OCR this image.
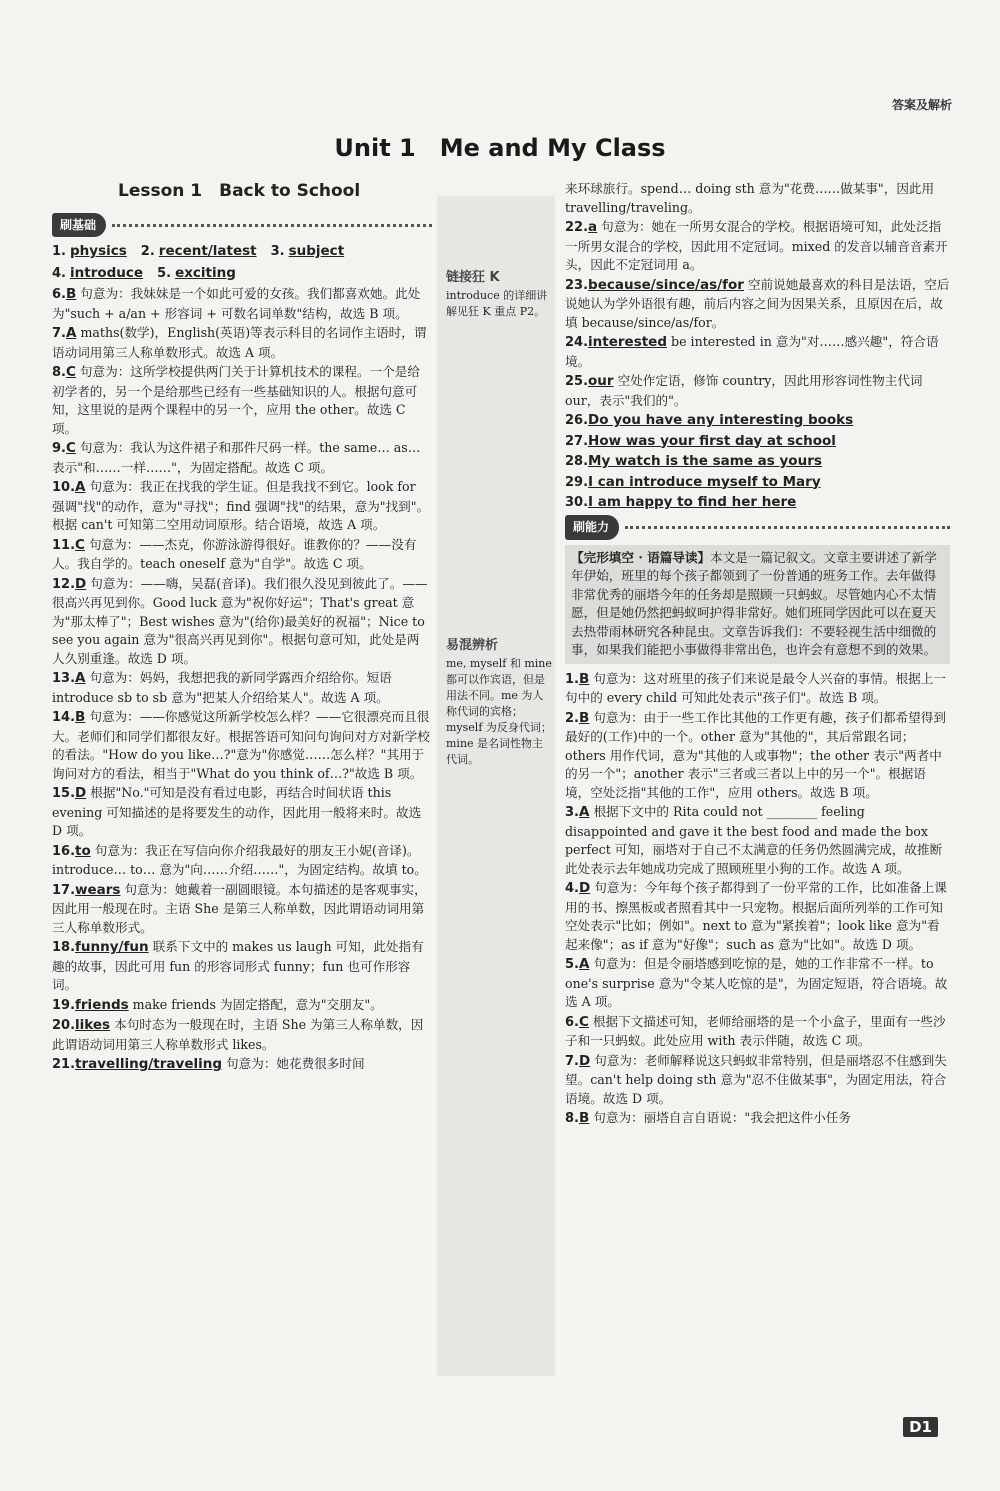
答案及解析
Unit 1　Me and My Class
Lesson 1　Back to School
链接狂 K
introduce 的详细讲解见狂 K 重点 P2。
易混辨析
me, myself 和 mine 都可以作宾语，但是用法不同。me 为人称代词的宾格；myself 为反身代词；mine 是名词性物主代词。
刷基础
1. physics 2. recent/latest 3. subject
4. introduce 5. exciting
6.B 句意为：我妹妹是一个如此可爱的女孩。我们都喜欢她。此处为"such + a/an + 形容词 + 可数名词单数"结构，故选 B 项。
7.A maths(数学)，English(英语)等表示科目的名词作主语时，谓语动词用第三人称单数形式。故选 A 项。
8.C 句意为：这所学校提供两门关于计算机技术的课程。一个是给初学者的，另一个是给那些已经有一些基础知识的人。根据句意可知，这里说的是两个课程中的另一个，应用 the other。故选 C 项。
9.C 句意为：我认为这件裙子和那件尺码一样。the same… as… 表示"和……一样……"，为固定搭配。故选 C 项。
10.A 句意为：我正在找我的学生证。但是我找不到它。look for 强调"找"的动作，意为"寻找"；find 强调"找"的结果，意为"找到"。根据 can't 可知第二空用动词原形。结合语境，故选 A 项。
11.C 句意为：——杰克，你游泳游得很好。谁教你的？——没有人。我自学的。teach oneself 意为"自学"。故选 C 项。
12.D 句意为：——嗨，吴磊(音译)。我们很久没见到彼此了。——很高兴再见到你。Good luck 意为"祝你好运"；That's great 意为"那太棒了"；Best wishes 意为"(给你)最美好的祝福"；Nice to see you again 意为"很高兴再见到你"。根据句意可知，此处是两人久别重逢。故选 D 项。
13.A 句意为：妈妈，我想把我的新同学露西介绍给你。短语 introduce sb to sb 意为"把某人介绍给某人"。故选 A 项。
14.B 句意为：——你感觉这所新学校怎么样？——它很漂亮而且很大。老师们和同学们都很友好。根据答语可知问句询问对方对新学校的看法。"How do you like…?"意为"你感觉……怎么样？"其用于询问对方的看法，相当于"What do you think of…?"故选 B 项。
15.D 根据"No."可知是没有看过电影，再结合时间状语 this evening 可知描述的是将要发生的动作，因此用一般将来时。故选 D 项。
16.to 句意为：我正在写信向你介绍我最好的朋友王小妮(音译)。introduce… to… 意为"向……介绍……"，为固定结构。故填 to。
17.wears 句意为：她戴着一副圆眼镜。本句描述的是客观事实，因此用一般现在时。主语 She 是第三人称单数，因此谓语动词用第三人称单数形式。
18.funny/fun 联系下文中的 makes us laugh 可知，此处指有趣的故事，因此可用 fun 的形容词形式 funny；fun 也可作形容词。
19.friends make friends 为固定搭配，意为"交朋友"。
20.likes 本句时态为一般现在时，主语 She 为第三人称单数，因此谓语动词用第三人称单数形式 likes。
21.travelling/traveling 句意为：她花费很多时间
来环球旅行。spend… doing sth 意为"花费……做某事"，因此用 travelling/traveling。
22.a 句意为：她在一所男女混合的学校。根据语境可知，此处泛指一所男女混合的学校，因此用不定冠词。mixed 的发音以辅音音素开头，因此不定冠词用 a。
23.because/since/as/for 空前说她最喜欢的科目是法语，空后说她认为学外语很有趣，前后内容之间为因果关系，且原因在后，故填 because/since/as/for。
24.interested be interested in 意为"对……感兴趣"，符合语境。
25.our 空处作定语，修饰 country，因此用形容词性物主代词 our，表示"我们的"。
26.Do you have any interesting books
27.How was your first day at school
28.My watch is the same as yours
29.I can introduce myself to Mary
30.I am happy to find her here
刷能力
【完形填空 · 语篇导读】本文是一篇记叙文。文章主要讲述了新学年伊始，班里的每个孩子都领到了一份普通的班务工作。去年做得非常优秀的丽塔今年的任务却是照顾一只蚂蚁。尽管她内心不太情愿，但是她仍然把蚂蚁呵护得非常好。她们班同学因此可以在夏天去热带雨林研究各种昆虫。文章告诉我们：不要轻视生活中细微的事，如果我们能把小事做得非常出色，也许会有意想不到的效果。
1.B 句意为：这对班里的孩子们来说是最令人兴奋的事情。根据上一句中的 every child 可知此处表示"孩子们"。故选 B 项。
2.B 句意为：由于一些工作比其他的工作更有趣，孩子们都希望得到最好的(工作)中的一个。other 意为"其他的"，其后常跟名词；others 用作代词，意为"其他的人或事物"；the other 表示"两者中的另一个"；another 表示"三者或三者以上中的另一个"。根据语境，空处泛指"其他的工作"，应用 others。故选 B 项。
3.A 根据下文中的 Rita could not ________ feeling disappointed and gave it the best food and made the box perfect 可知，丽塔对于自己不太满意的任务仍然圆满完成，故推断此处表示去年她成功完成了照顾班里小狗的工作。故选 A 项。
4.D 句意为：今年每个孩子都得到了一份平常的工作，比如准备上课用的书、擦黑板或者照看其中一只宠物。根据后面所列举的工作可知空处表示"比如；例如"。next to 意为"紧挨着"；look like 意为"看起来像"；as if 意为"好像"；such as 意为"比如"。故选 D 项。
5.A 句意为：但是令丽塔感到吃惊的是，她的工作非常不一样。to one's surprise 意为"令某人吃惊的是"，为固定短语，符合语境。故选 A 项。
6.C 根据下文描述可知，老师给丽塔的是一个小盒子，里面有一些沙子和一只蚂蚁。此处应用 with 表示伴随，故选 C 项。
7.D 句意为：老师解释说这只蚂蚁非常特别，但是丽塔忍不住感到失望。can't help doing sth 意为"忍不住做某事"，为固定用法，符合语境。故选 D 项。
8.B 句意为：丽塔自言自语说："我会把这件小任务
D1
